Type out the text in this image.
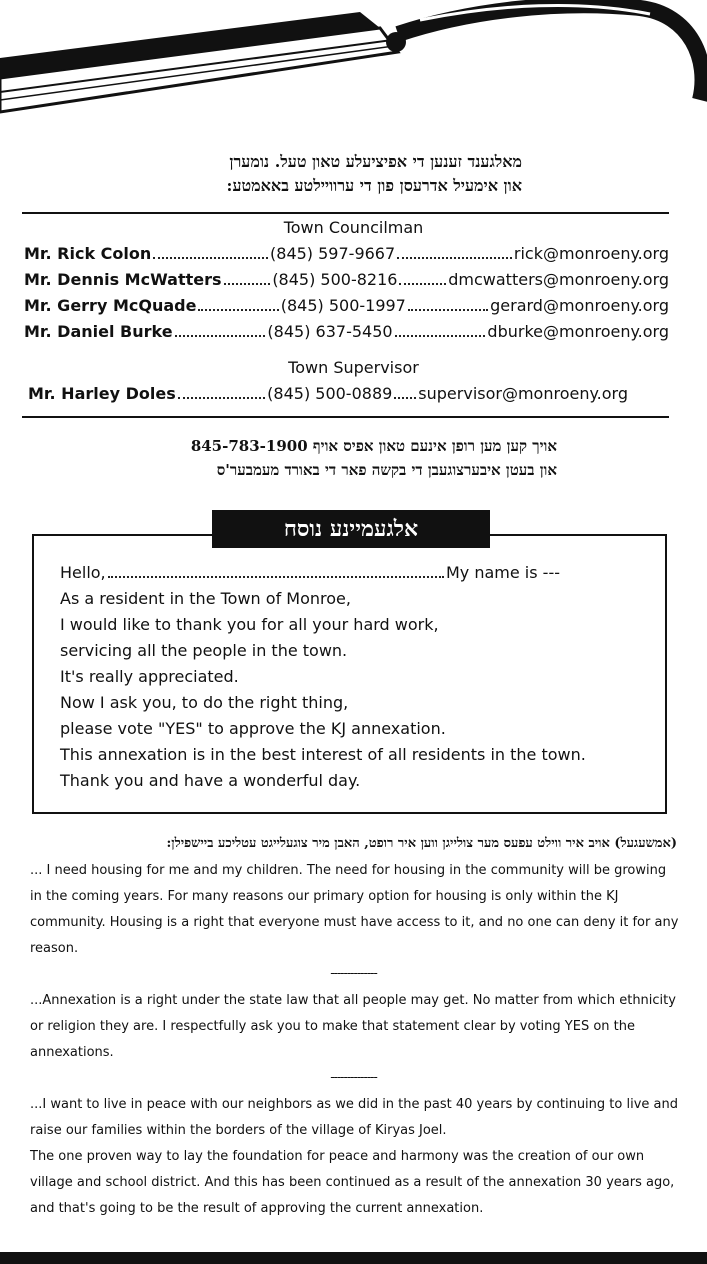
מאלגענד זענען די אפיציעלע טאון טעל. נומערן
און אימעיל אדרעסן פון די ערוויילטע באאמטע:
Town Councilman
Mr. Rick Colon	(845) 597-9667	rick@monroeny.org
Mr. Dennis McWatters	(845) 500-8216	dmcwatters@monroeny.org
Mr. Gerry McQuade	(845) 500-1997	gerard@monroeny.org
Mr. Daniel Burke	(845) 637-5450	dburke@monroeny.org
Town Supervisor
Mr. Harley Doles	(845) 500-0889 supervisor@monroeny.org
אויך קען מען רופן אינעם טאון אפיס אויף 845-783-1900
און בעטן איבערצוגעבן די בקשה פאר די באורד מעמבער'ס
אלגעמיינע נוסח
Hello,	My name is ---
As a resident in the Town of Monroe,
I would like to thank you for all your hard work,
servicing all the people in the town.
It's really appreciated.
Now I ask you, to do the right thing,
please vote "YES" to approve the KJ annexation.
This annexation is in the best interest of all residents in the town.
Thank you and have a wonderful day.
(אמשעגעל) אויב איר ווילט עפעס מער צולייגן ווען איר רופט, האבן מיר צוגעלייגט עטליכע ביישפילן:
... I need housing for me and my children. The need for housing in the community will be growing in the coming years. For many reasons our primary option for housing is only within the KJ community. Housing is a right that everyone must have access to it, and no one can deny it for any reason.
--------------
...Annexation is a right under the state law that all people may get. No matter from which ethnicity or religion they are. I respectfully ask you to make that statement clear by voting YES on the annexations.
--------------
...I want to live in peace with our neighbors as we did in the past 40 years by continuing to live and raise our families within the borders of the village of Kiryas Joel.
The one proven way to lay the foundation for peace and harmony was the creation of our own village and school district. And this has been continued as a result of the annexation 30 years ago, and that's going to be the result of approving the current annexation.
